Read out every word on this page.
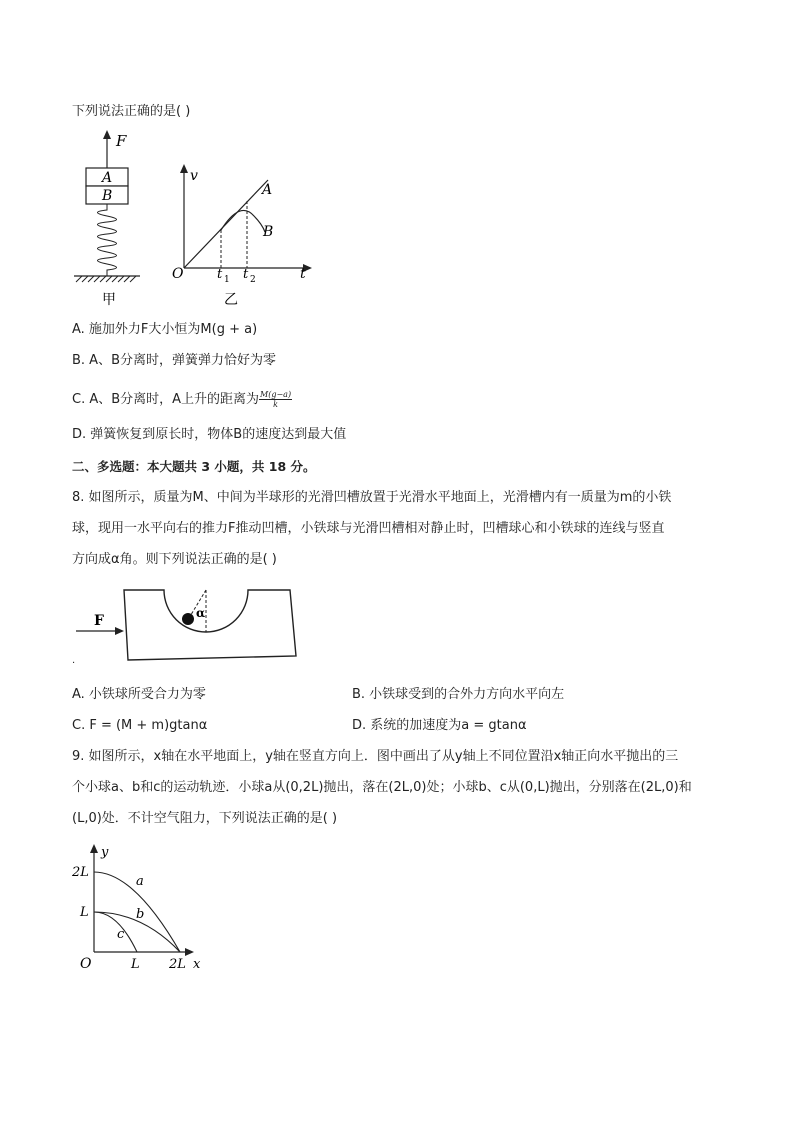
下列说法正确的是( )
F
A
B
甲
v
t
O
A
B
t 1 t 2
乙
A. 施加外力F大小恒为M(g + a)
B. A、B分离时，弹簧弹力恰好为零
C. A、B分离时，A上升的距离为 $\frac{M(g-a)}{k}$
D. 弹簧恢复到原长时，物体B的速度达到最大值
二、多选题：本大题共 3 小题，共 18 分。
8. 如图所示，质量为M、中间为半球形的光滑凹槽放置于光滑水平地面上，光滑槽内有一质量为m的小铁
球，现用一水平向右的推力F推动凹槽，小铁球与光滑凹槽相对静止时，凹槽球心和小铁球的连线与竖直
方向成α角。则下列说法正确的是( )
F	α
.
A. 小铁球所受合力为零	B. 小铁球受到的合外力方向水平向左
C. F = (M + m)gtanα	D. 系统的加速度为a = gtanα
9. 如图所示，x轴在水平地面上，y轴在竖直方向上．图中画出了从y轴上不同位置沿x轴正向水平抛出的三
个小球a、b和c的运动轨迹．小球a从(0,2L)抛出，落在(2L,0)处；小球b、c从(0,L)抛出，分别落在(2L,0)和
(L,0)处．不计空气阻力，下列说法正确的是( )
y
x
O
2L
L
L 2L
a
b
c
